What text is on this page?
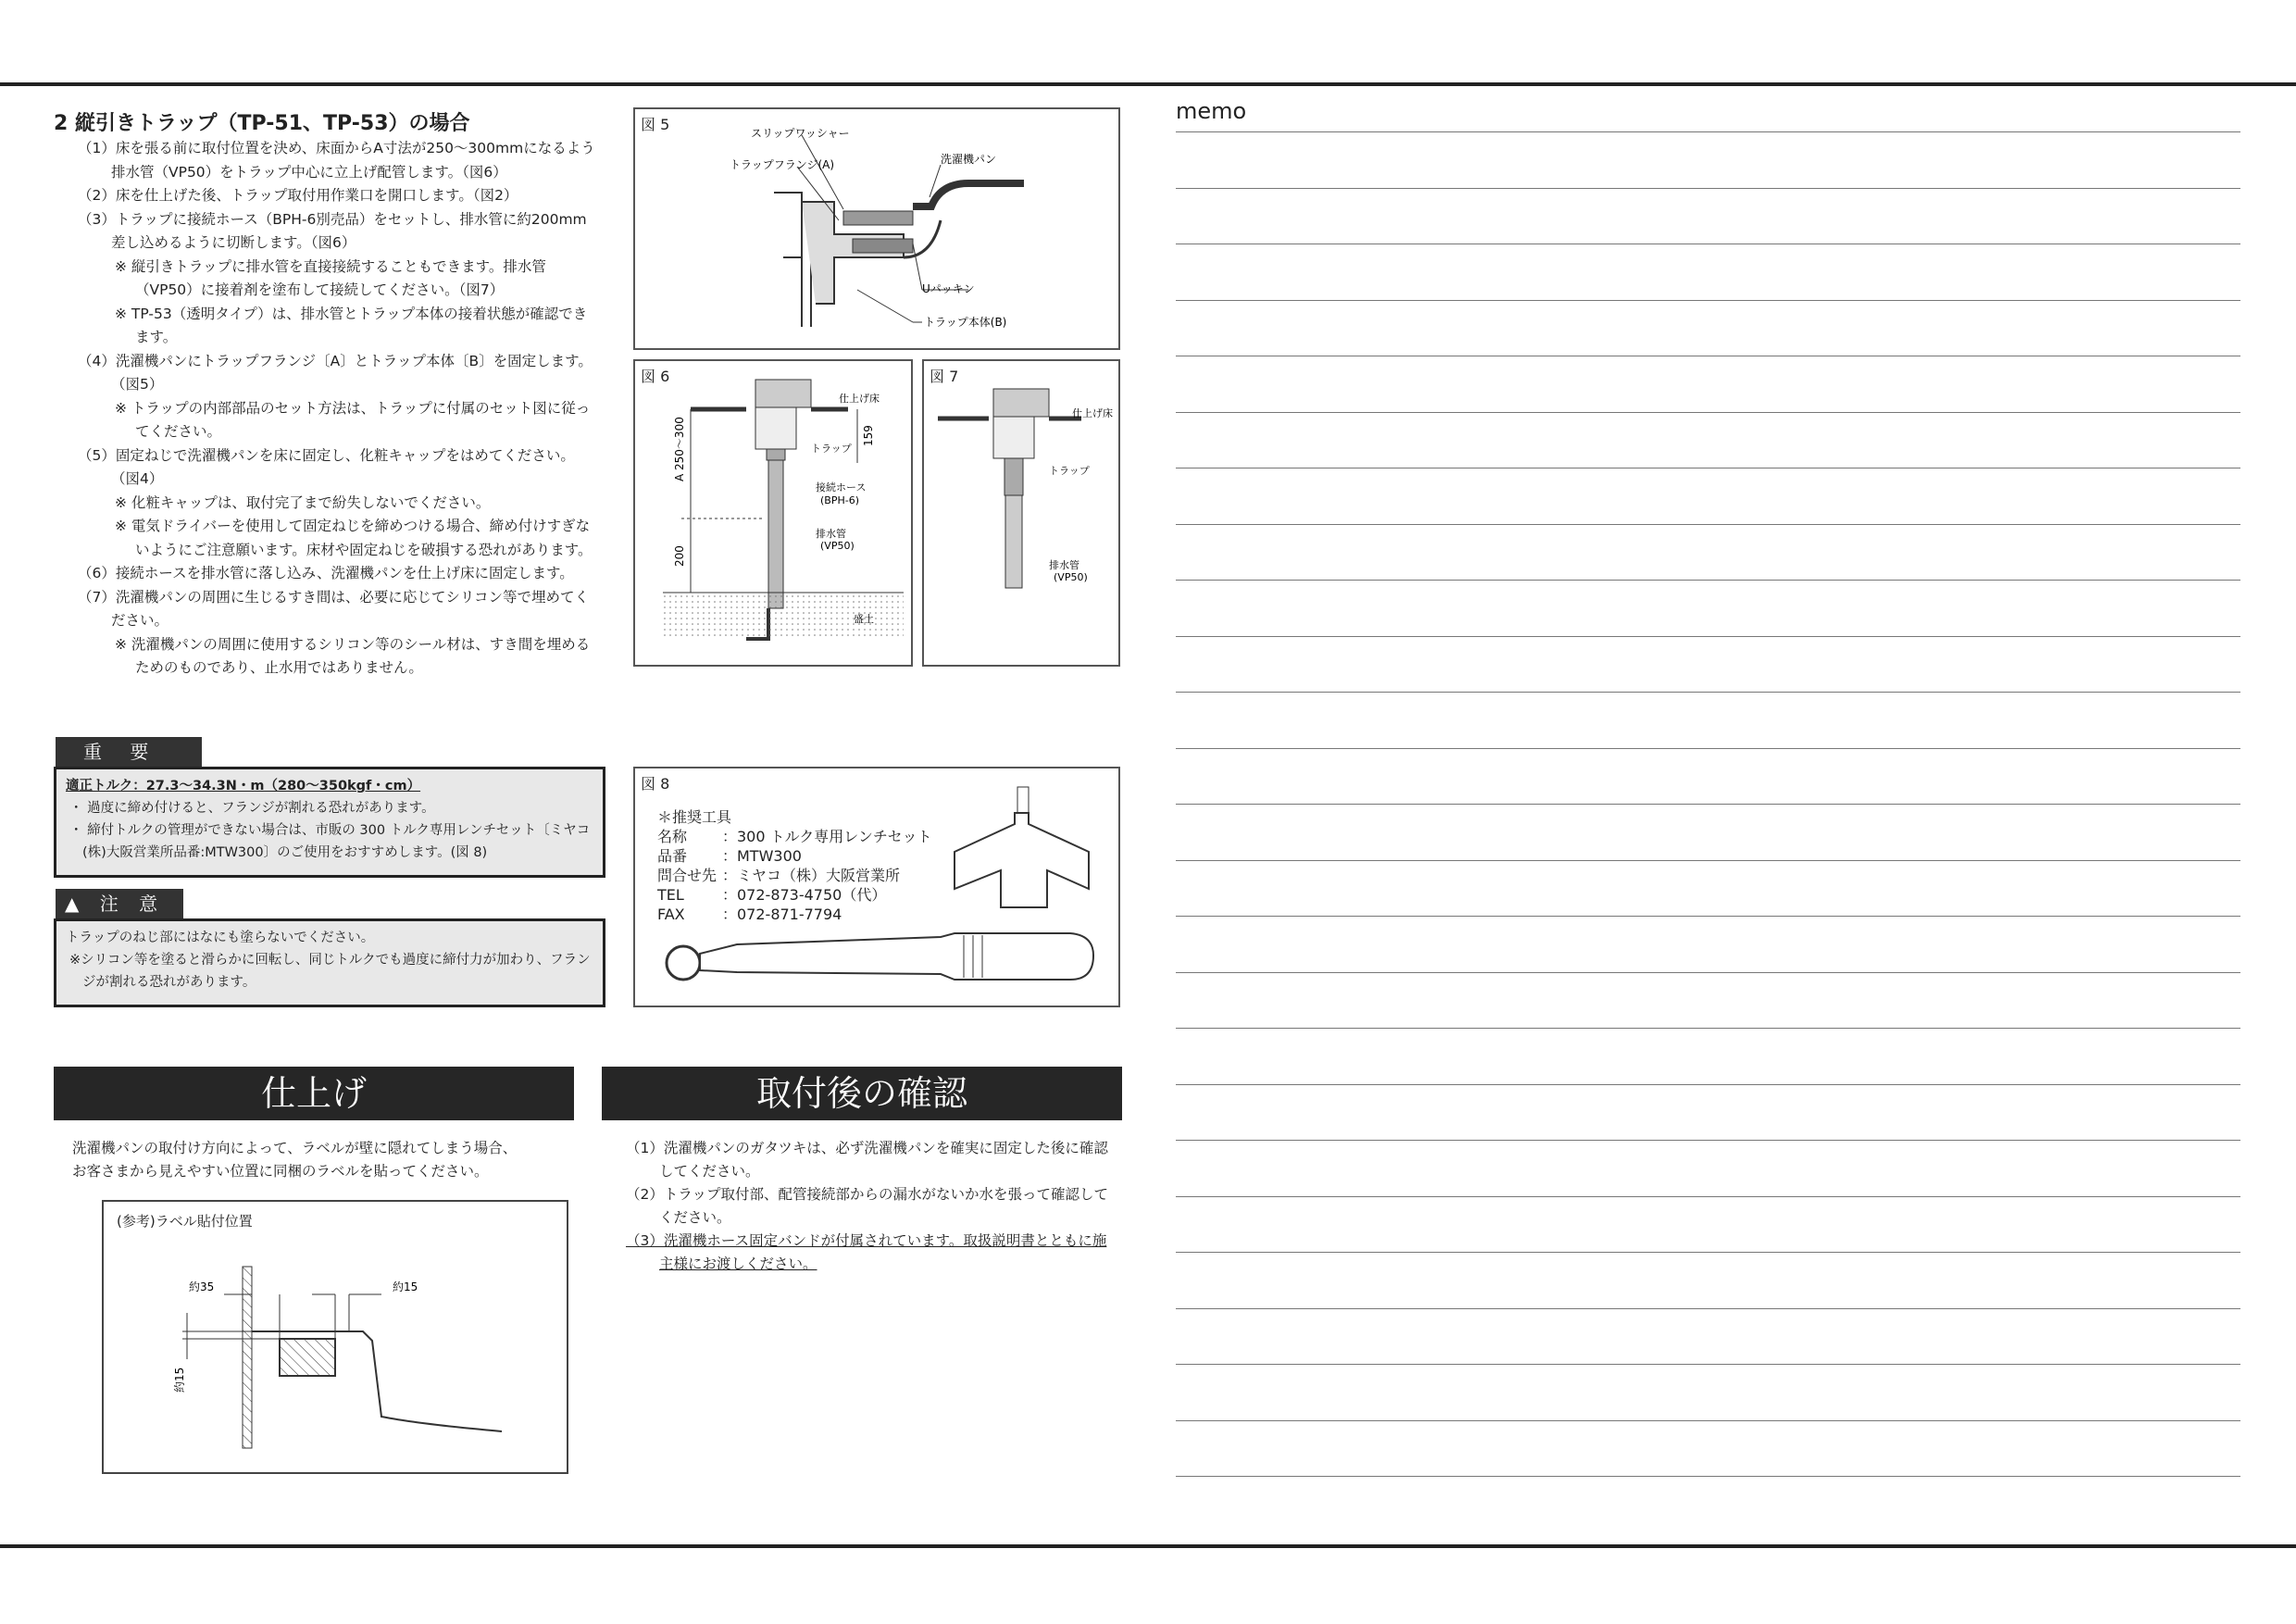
2 縦引きトラップ（TP-51、TP-53）の場合
（1）床を張る前に取付位置を決め、床面からA寸法が250〜300mmになるよう排水管（VP50）をトラップ中心に立上げ配管します。（図6）
（2）床を仕上げた後、トラップ取付用作業口を開口します。（図2）
（3）トラップに接続ホース（BPH-6別売品）をセットし、排水管に約200mm差し込めるように切断します。（図6）
※ 縦引きトラップに排水管を直接接続することもできます。排水管（VP50）に接着剤を塗布して接続してください。（図7）
※ TP-53（透明タイプ）は、排水管とトラップ本体の接着状態が確認できます。
（4）洗濯機パンにトラップフランジ〔A〕とトラップ本体〔B〕を固定します。（図5）
※ トラップの内部部品のセット方法は、トラップに付属のセット図に従ってください。
（5）固定ねじで洗濯機パンを床に固定し、化粧キャップをはめてください。（図4）
※ 化粧キャップは、取付完了まで紛失しないでください。
※ 電気ドライバーを使用して固定ねじを締めつける場合、締め付けすぎないようにご注意願います。床材や固定ねじを破損する恐れがあります。
（6）接続ホースを排水管に落し込み、洗濯機パンを仕上げ床に固定します。
（7）洗濯機パンの周囲に生じるすき間は、必要に応じてシリコン等で埋めてください。
※ 洗濯機パンの周囲に使用するシリコン等のシール材は、すき間を埋めるためのものであり、止水用ではありません。
重 要
適正トルク：27.3〜34.3N・m（280〜350kgf・cm）
・ 過度に締め付けると、フランジが割れる恐れがあります。
・ 締付トルクの管理ができない場合は、市販の 300 トルク専用レンチセット〔ミヤコ(株)大阪営業所品番:MTW300〕のご使用をおすすめします。(図 8)
▲ 注 意
トラップのねじ部にはなにも塗らないでください。
※シリコン等を塗ると滑らかに回転し、同じトルクでも過度に締付力が加わり、フランジが割れる恐れがあります。
図 5	スリップワッシャー
トラップフランジ(A)	洗濯機パン
Uパッキン
トラップ本体(B)
図 6
A 250〜300
200
159
仕上げ床
トラップ
接続ホース
(BPH-6)
排水管
(VP50)
盛土
図 7
仕上げ床
トラップ
排水管
(VP50)
図 8
＊推奨工具
名称 ：300 トルク専用レンチセット
品番 ：MTW300
問合せ先 ：ミヤコ（株）大阪営業所
TEL	：072-873-4750（代）
FAX	：072-871-7794
仕上げ
洗濯機パンの取付け方向によって、ラベルが壁に隠れてしまう場合、
お客さまから見えやすい位置に同梱のラベルを貼ってください。
(参考)ラベル貼付位置
約35	約15
約15
取付後の確認
（1）洗濯機パンのガタツキは、必ず洗濯機パンを確実に固定した後に確認してください。
（2）トラップ取付部、配管接続部からの漏水がないか水を張って確認してください。
（3）洗濯機ホース固定バンドが付属されています。取扱説明書とともに施主様にお渡しください。
memo
